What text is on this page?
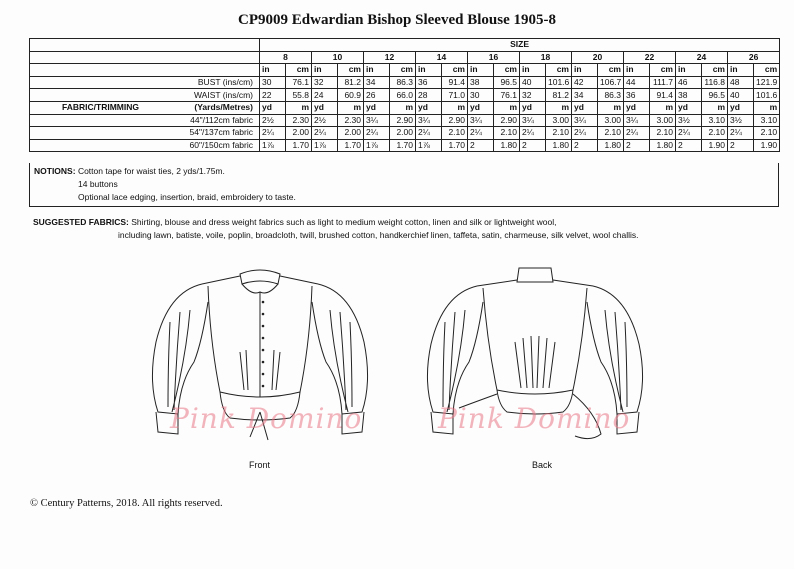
CP9009 Edwardian Bishop Sleeved Blouse 1905-8
	SIZE																			
	8		10		12		14		16		18		20		22		24		26	
	in	cm	in	cm	in	cm	in	cm	in	cm	in	cm	in	cm	in	cm	in	cm	in	cm
BUST (ins/cm)	30	76.1	32	81.2	34	86.3	36	91.4	38	96.5	40	101.6	42	106.7	44	111.7	46	116.8	48	121.9
WAIST (ins/cm)	22	55.8	24	60.9	26	66.0	28	71.0	30	76.1	32	81.2	34	86.3	36	91.4	38	96.5	40	101.6
FABRIC/TRIMMING (Yards/Metres)	yd	m	yd	m	yd	m	yd	m	yd	m	yd	m	yd	m	yd	m	yd	m	yd	m
44"/112cm fabric	2½	2.30	2½	2.30	3¼	2.90	3¼	2.90	3¼	2.90	3¼	3.00	3¼	3.00	3¼	3.00	3½	3.10	3½	3.10
54"/137cm fabric	2¼	2.00	2¼	2.00	2¼	2.00	2¼	2.10	2¼	2.10	2¼	2.10	2¼	2.10	2¼	2.10	2¼	2.10	2¼	2.10
60"/150cm fabric	1⅞	1.70	1⅞	1.70	1⅞	1.70	1⅞	1.70	2	1.80	2	1.80	2	1.80	2	1.80	2	1.90	2	1.90
NOTIONS: Cotton tape for waist ties, 2 yds/1.75m.
14 buttons
Optional lace edging, insertion, braid, embroidery to taste.
SUGGESTED FABRICS: Shirting, blouse and dress weight fabrics such as light to medium weight cotton, linen and silk or lightweight wool,
including lawn, batiste, voile, poplin, broadcloth, twill, brushed cotton, handkerchief linen, taffeta, satin, charmeuse, silk velvet, wool challis.
Front	Back
Pink Domino	Pink Domino
© Century Patterns, 2018. All rights reserved.
